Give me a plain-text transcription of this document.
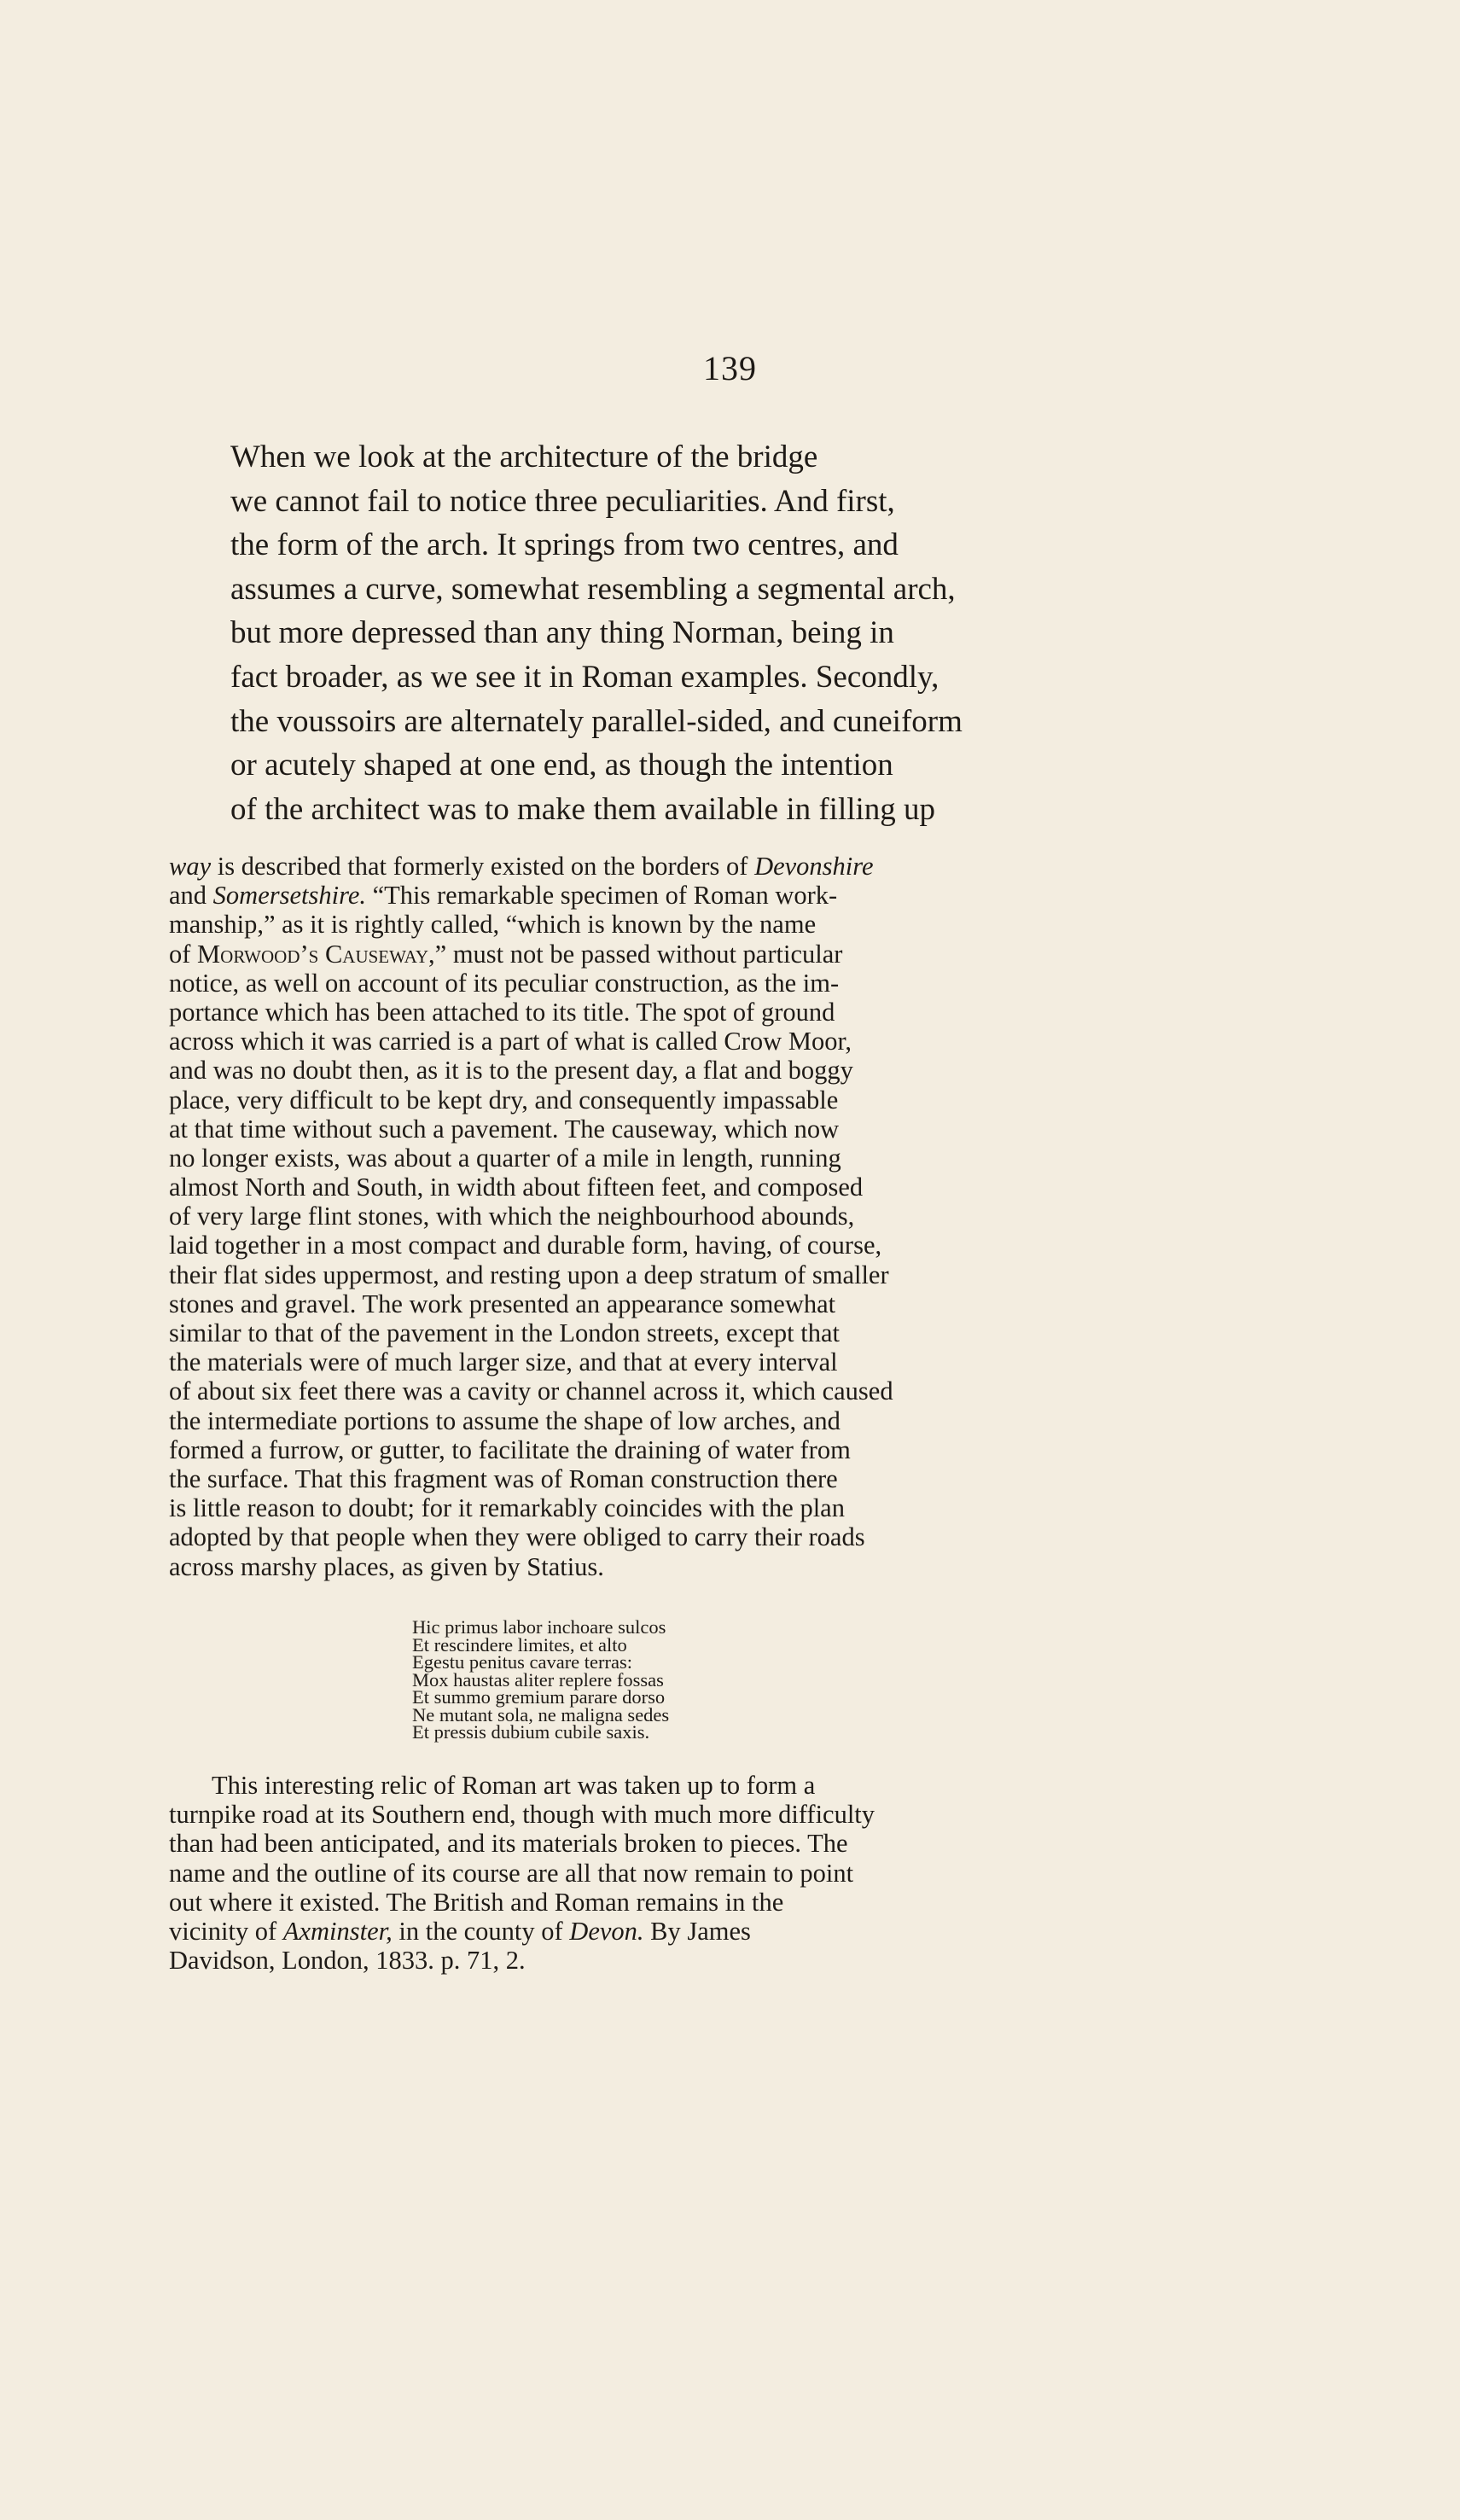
139
When we look at the architecture of the bridge
we cannot fail to notice three peculiarities. And first,
the form of the arch. It springs from two centres, and
assumes a curve, somewhat resembling a segmental arch,
but more depressed than any thing Norman, being in
fact broader, as we see it in Roman examples. Secondly,
the voussoirs are alternately parallel-sided, and cuneiform
or acutely shaped at one end, as though the intention
of the architect was to make them available in filling up
way is described that formerly existed on the borders of Devonshire
and Somersetshire. “This remarkable specimen of Roman work-
manship,” as it is rightly called, “which is known by the name
of Morwood’s Causeway,” must not be passed without particular
notice, as well on account of its peculiar construction, as the im-
portance which has been attached to its title. The spot of ground
across which it was carried is a part of what is called Crow Moor,
and was no doubt then, as it is to the present day, a flat and boggy
place, very difficult to be kept dry, and consequently impassable
at that time without such a pavement. The causeway, which now
no longer exists, was about a quarter of a mile in length, running
almost North and South, in width about fifteen feet, and composed
of very large flint stones, with which the neighbourhood abounds,
laid together in a most compact and durable form, having, of course,
their flat sides uppermost, and resting upon a deep stratum of smaller
stones and gravel. The work presented an appearance somewhat
similar to that of the pavement in the London streets, except that
the materials were of much larger size, and that at every interval
of about six feet there was a cavity or channel across it, which caused
the intermediate portions to assume the shape of low arches, and
formed a furrow, or gutter, to facilitate the draining of water from
the surface. That this fragment was of Roman construction there
is little reason to doubt; for it remarkably coincides with the plan
adopted by that people when they were obliged to carry their roads
across marshy places, as given by Statius.
Hic primus labor inchoare sulcos
Et rescindere limites, et alto
Egestu penitus cavare terras:
Mox haustas aliter replere fossas
Et summo gremium parare dorso
Ne mutant sola, ne maligna sedes
Et pressis dubium cubile saxis.
This interesting relic of Roman art was taken up to form a
turnpike road at its Southern end, though with much more difficulty
than had been anticipated, and its materials broken to pieces. The
name and the outline of its course are all that now remain to point
out where it existed. The British and Roman remains in the
vicinity of Axminster, in the county of Devon. By James
Davidson, London, 1833. p. 71, 2.
